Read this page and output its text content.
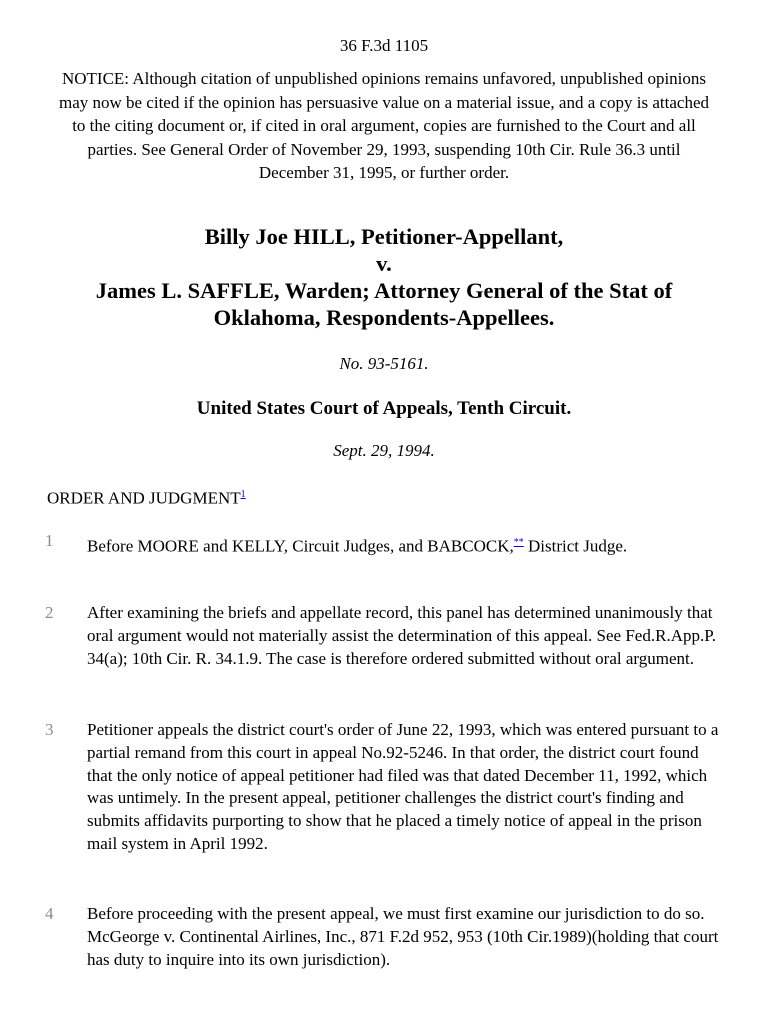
36 F.3d 1105
NOTICE: Although citation of unpublished opinions remains unfavored, unpublished opinions may now be cited if the opinion has persuasive value on a material issue, and a copy is attached to the citing document or, if cited in oral argument, copies are furnished to the Court and all parties. See General Order of November 29, 1993, suspending 10th Cir. Rule 36.3 until December 31, 1995, or further order.
Billy Joe HILL, Petitioner-Appellant,
v.
James L. SAFFLE, Warden; Attorney General of the Stat of Oklahoma, Respondents-Appellees.
No. 93-5161.
United States Court of Appeals, Tenth Circuit.
Sept. 29, 1994.
ORDER AND JUDGMENT$^1$
1 Before MOORE and KELLY, Circuit Judges, and BABCOCK,** District Judge.
2 After examining the briefs and appellate record, this panel has determined unanimously that oral argument would not materially assist the determination of this appeal. See Fed.R.App.P. 34(a); 10th Cir. R. 34.1.9. The case is therefore ordered submitted without oral argument.
3 Petitioner appeals the district court's order of June 22, 1993, which was entered pursuant to a partial remand from this court in appeal No.92-5246. In that order, the district court found that the only notice of appeal petitioner had filed was that dated December 11, 1992, which was untimely. In the present appeal, petitioner challenges the district court's finding and submits affidavits purporting to show that he placed a timely notice of appeal in the prison mail system in April 1992.
4 Before proceeding with the present appeal, we must first examine our jurisdiction to do so. McGeorge v. Continental Airlines, Inc., 871 F.2d 952, 953 (10th Cir.1989)(holding that court has duty to inquire into its own jurisdiction).
